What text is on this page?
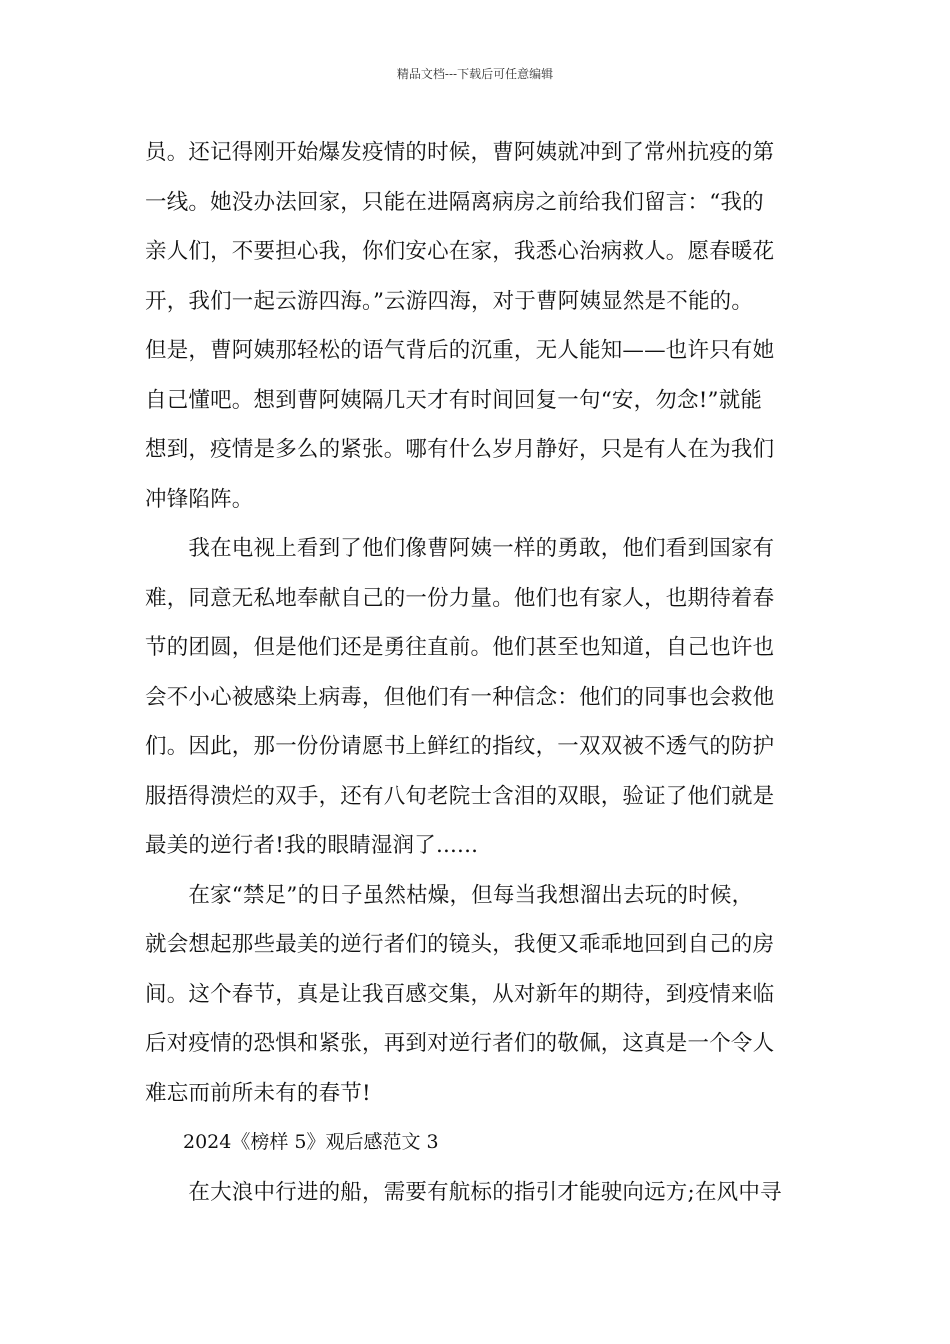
精品文档---下载后可任意编辑
员。还记得刚开始爆发疫情的时候，曹阿姨就冲到了常州抗疫的第
一线。她没办法回家，只能在进隔离病房之前给我们留言：“我的
亲人们，不要担心我，你们安心在家，我悉心治病救人。愿春暖花
开，我们一起云游四海。”云游四海，对于曹阿姨显然是不能的。
但是，曹阿姨那轻松的语气背后的沉重，无人能知——也许只有她
自己懂吧。想到曹阿姨隔几天才有时间回复一句“安，勿念!”就能
想到，疫情是多么的紧张。哪有什么岁月静好，只是有人在为我们
冲锋陷阵。
　　我在电视上看到了他们像曹阿姨一样的勇敢，他们看到国家有
难，同意无私地奉献自己的一份力量。他们也有家人，也期待着春
节的团圆，但是他们还是勇往直前。他们甚至也知道，自己也许也
会不小心被感染上病毒，但他们有一种信念：他们的同事也会救他
们。因此，那一份份请愿书上鲜红的指纹，一双双被不透气的防护
服捂得溃烂的双手，还有八旬老院士含泪的双眼，验证了他们就是
最美的逆行者!我的眼睛湿润了......
　　在家“禁足”的日子虽然枯燥，但每当我想溜出去玩的时候，
就会想起那些最美的逆行者们的镜头，我便又乖乖地回到自己的房
间。这个春节，真是让我百感交集，从对新年的期待，到疫情来临
后对疫情的恐惧和紧张，再到对逆行者们的敬佩，这真是一个令人
难忘而前所未有的春节!
　　2024《榜样 5》观后感范文 3
　　在大浪中行进的船，需要有航标的指引才能驶向远方;在风中寻
